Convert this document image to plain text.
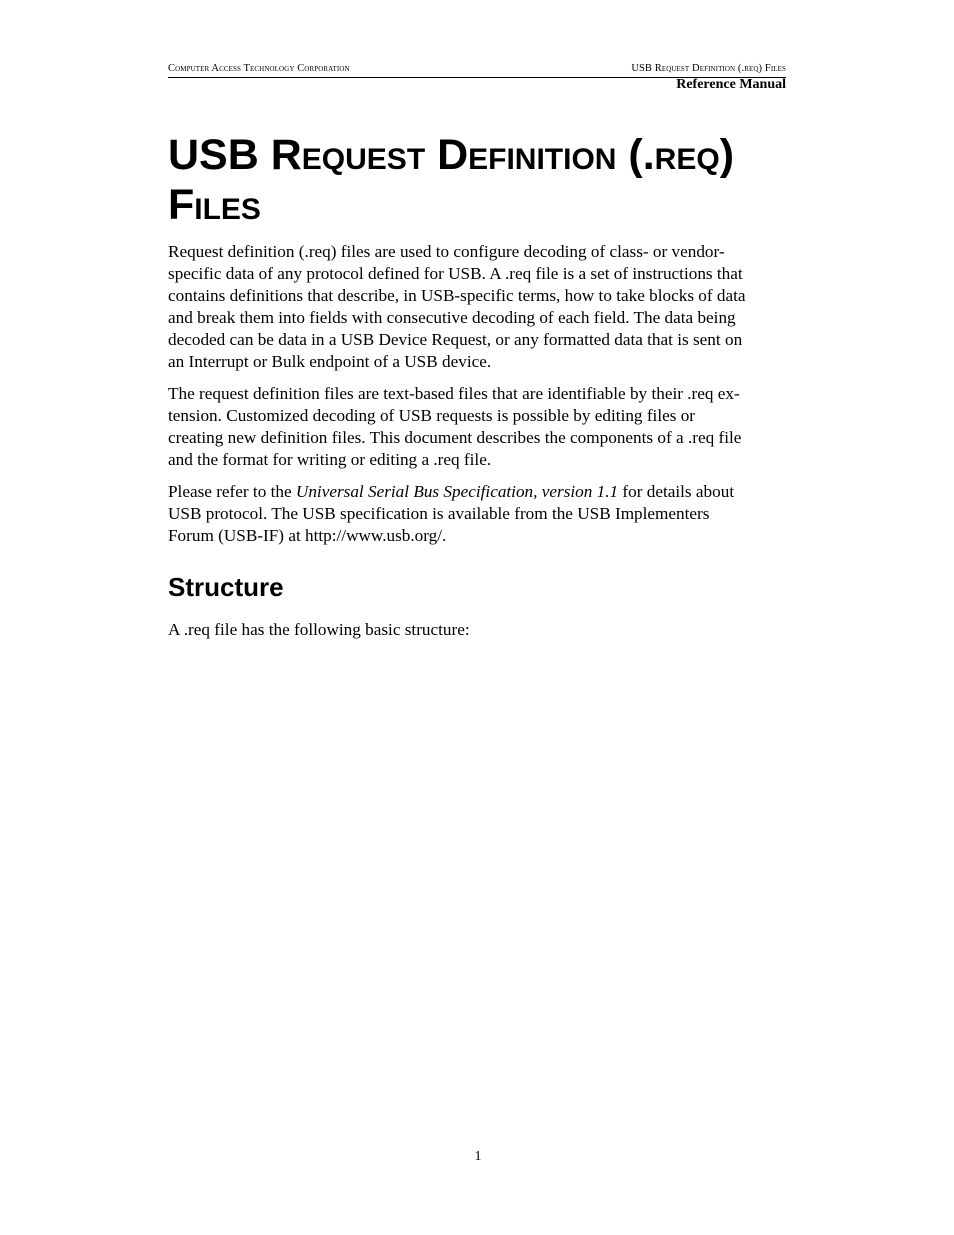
Computer Access Technology Corporation	USB Request Definition (.req) Files
Reference Manual
USB Request Definition (.req)
Files

Request definition (.req) files are used to configure decoding of class- or vendor-
specific data of any protocol defined for USB. A .req file is a set of instructions that
contains definitions that describe, in USB-specific terms, how to take blocks of data
and break them into fields with consecutive decoding of each field. The data being
decoded can be data in a USB Device Request, or any formatted data that is sent on
an Interrupt or Bulk endpoint of a USB device.

The request definition files are text-based files that are identifiable by their .req ex-
tension. Customized decoding of USB requests is possible by editing files or
creating new definition files. This document describes the components of a .req file
and the format for writing or editing a .req file.

Please refer to the Universal Serial Bus Specification, version 1.1 for details about
USB protocol. The USB specification is available from the USB Implementers
Forum (USB-IF) at http://www.usb.org/.

Structure

A .req file has the following basic structure:

1
